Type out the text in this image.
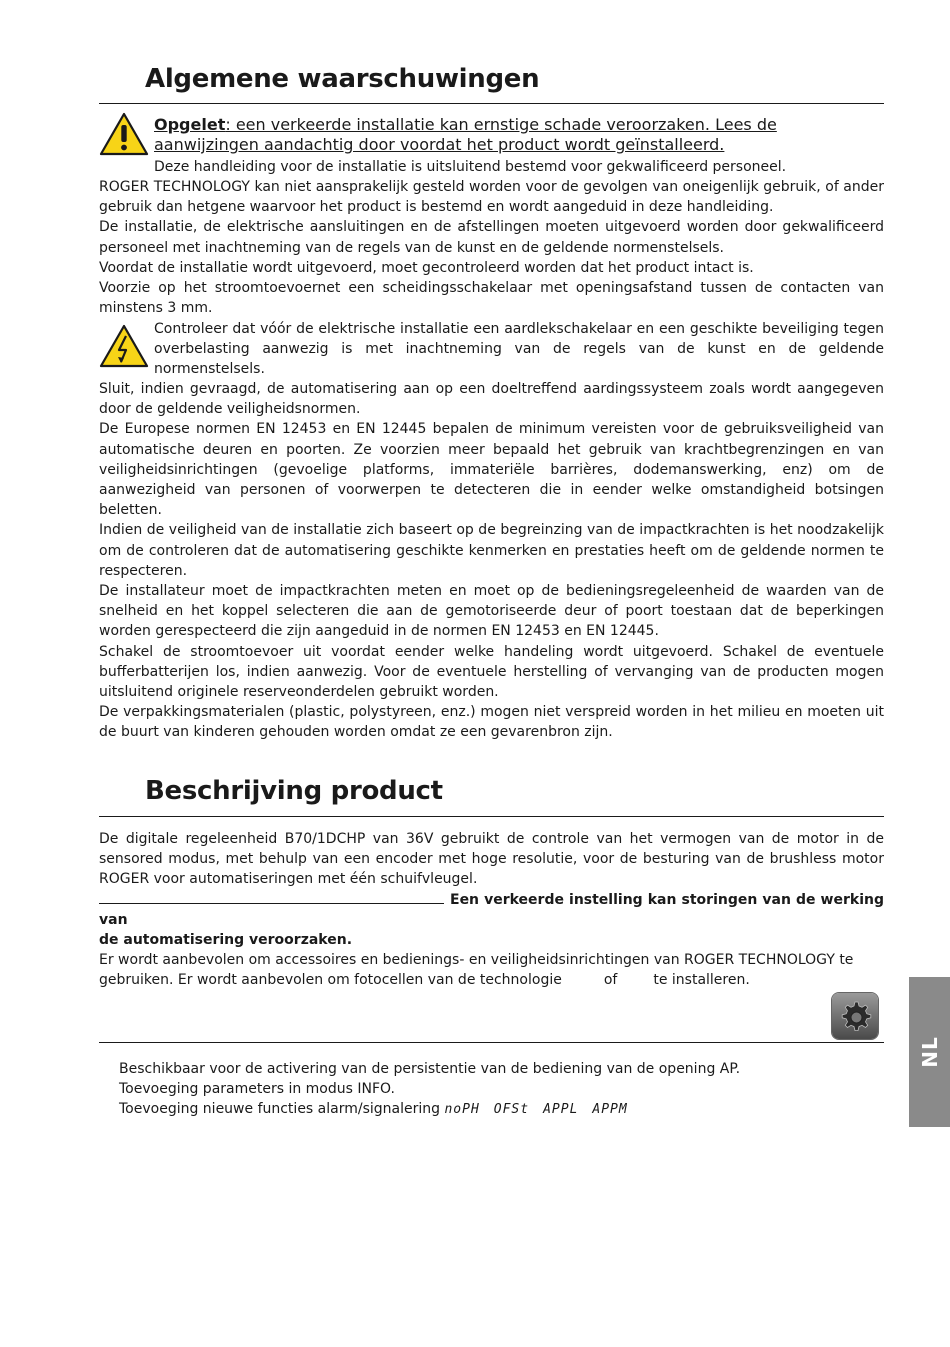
Algemene waarschuwingen
Opgelet: een verkeerde installatie kan ernstige schade veroorzaken. Lees de aanwijzingen aandachtig door voordat het product wordt geïnstalleerd.
Deze handleiding voor de installatie is uitsluitend bestemd voor gekwalificeerd personeel.

ROGER TECHNOLOGY kan niet aansprakelijk gesteld worden voor de gevolgen van oneigenlijk gebruik, of ander gebruik dan hetgene waarvoor het product is bestemd en wordt aangeduid in deze handleiding.

De installatie, de elektrische aansluitingen en de afstellingen moeten uitgevoerd worden door gekwalificeerd personeel met inachtneming van de regels van de kunst en de geldende normenstelsels.

Voordat de installatie wordt uitgevoerd, moet gecontroleerd worden dat het product intact is.

Voorzie op het stroomtoevoernet een scheidingsschakelaar met openingsafstand tussen de contacten van minstens 3 mm.

Controleer dat vóór de elektrische installatie een aardlekschakelaar en een geschikte beveiliging tegen overbelasting aanwezig is met inachtneming van de regels van de kunst en de geldende normenstelsels.

Sluit, indien gevraagd, de automatisering aan op een doeltreffend aardingssysteem zoals wordt aangegeven door de geldende veiligheidsnormen.

De Europese normen EN 12453 en EN 12445 bepalen de minimum vereisten voor de gebruiksveiligheid van automatische deuren en poorten. Ze voorzien meer bepaald het gebruik van krachtbegrenzingen en van veiligheidsinrichtingen (gevoelige platforms, immateriële barrières, dodemanswerking, enz) om de aanwezigheid van personen of voorwerpen te detecteren die in eender welke omstandigheid botsingen beletten.

Indien de veiligheid van de installatie zich baseert op de begreinzing van de impactkrachten is het noodzakelijk om de controleren dat de automatisering geschikte kenmerken en prestaties heeft om de geldende normen te respecteren.

De installateur moet de impactkrachten meten en moet op de bedieningsregeleenheid de waarden van de snelheid en het koppel selecteren die aan de gemotoriseerde deur of poort toestaan dat de beperkingen worden gerespecteerd die zijn aangeduid in de normen EN 12453 en EN 12445.

Schakel de stroomtoevoer uit voordat eender welke handeling wordt uitgevoerd. Schakel de eventuele bufferbatterijen los, indien aanwezig. Voor de eventuele herstelling of vervanging van de producten mogen uitsluitend originele reserveonderdelen gebruikt worden.

De verpakkingsmaterialen (plastic, polystyreen, enz.) mogen niet verspreid worden in het milieu en moeten uit de buurt van kinderen gehouden worden omdat ze een gevarenbron zijn.

Beschrijving product

De digitale regeleenheid B70/1DCHP van 36V gebruikt de controle van het vermogen van de motor in de sensored modus, met behulp van een encoder met hoge resolutie, voor de besturing van de brushless motor ROGER voor automatiseringen met één schuifvleugel.

Een verkeerde instelling kan storingen van de werking van

de automatisering veroorzaken.

Er wordt aanbevolen om accessoires en bedienings- en veiligheidsinrichtingen van ROGER TECHNOLOGY te

gebruiken. Er wordt aanbevolen om fotocellen van de technologie	of	te installeren.

Beschikbaar voor de activering van de persistentie van de bediening van de opening AP.

Toevoeging parameters in modus INFO.

Toevoeging nieuwe functies alarm/signalering noPH OFSt APPL APPM

NL
